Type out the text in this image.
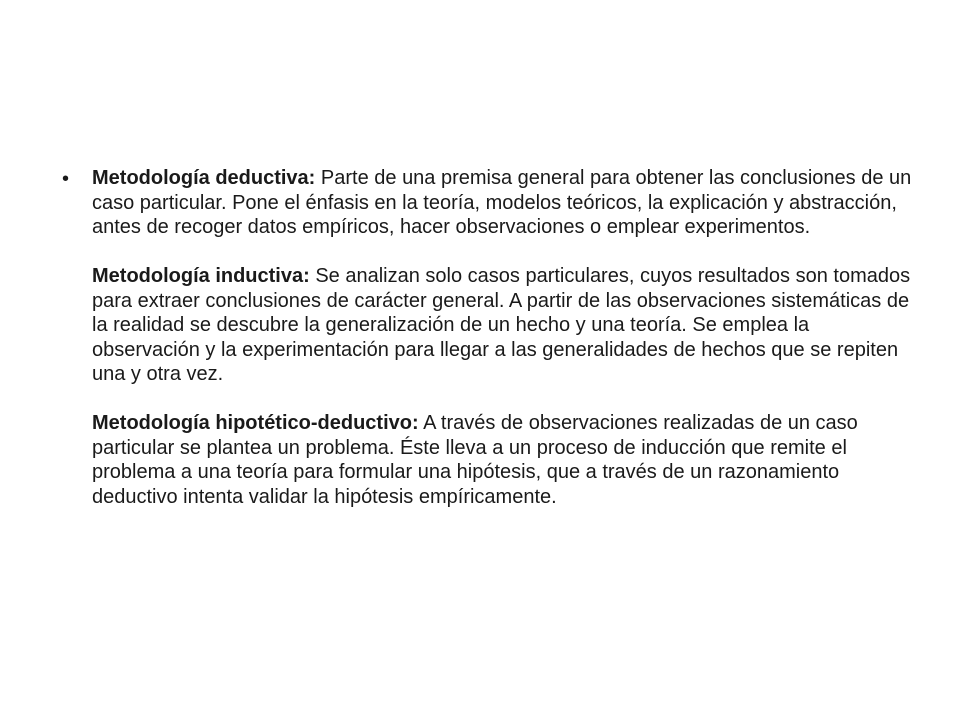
• Metodología deductiva: Parte de una premisa general para obtener las conclusiones de un caso particular. Pone el énfasis en la teoría, modelos teóricos, la explicación y abstracción, antes de recoger datos empíricos, hacer observaciones o emplear experimentos.

Metodología inductiva: Se analizan solo casos particulares, cuyos resultados son tomados para extraer conclusiones de carácter general. A partir de las observaciones sistemáticas de la realidad se descubre la generalización de un hecho y una teoría. Se emplea la observación y la experimentación para llegar a las generalidades de hechos que se repiten una y otra vez.

Metodología hipotético-deductivo: A través de observaciones realizadas de un caso particular se plantea un problema. Éste lleva a un proceso de inducción que remite el problema a una teoría para formular una hipótesis, que a través de un razonamiento deductivo intenta validar la hipótesis empíricamente.
